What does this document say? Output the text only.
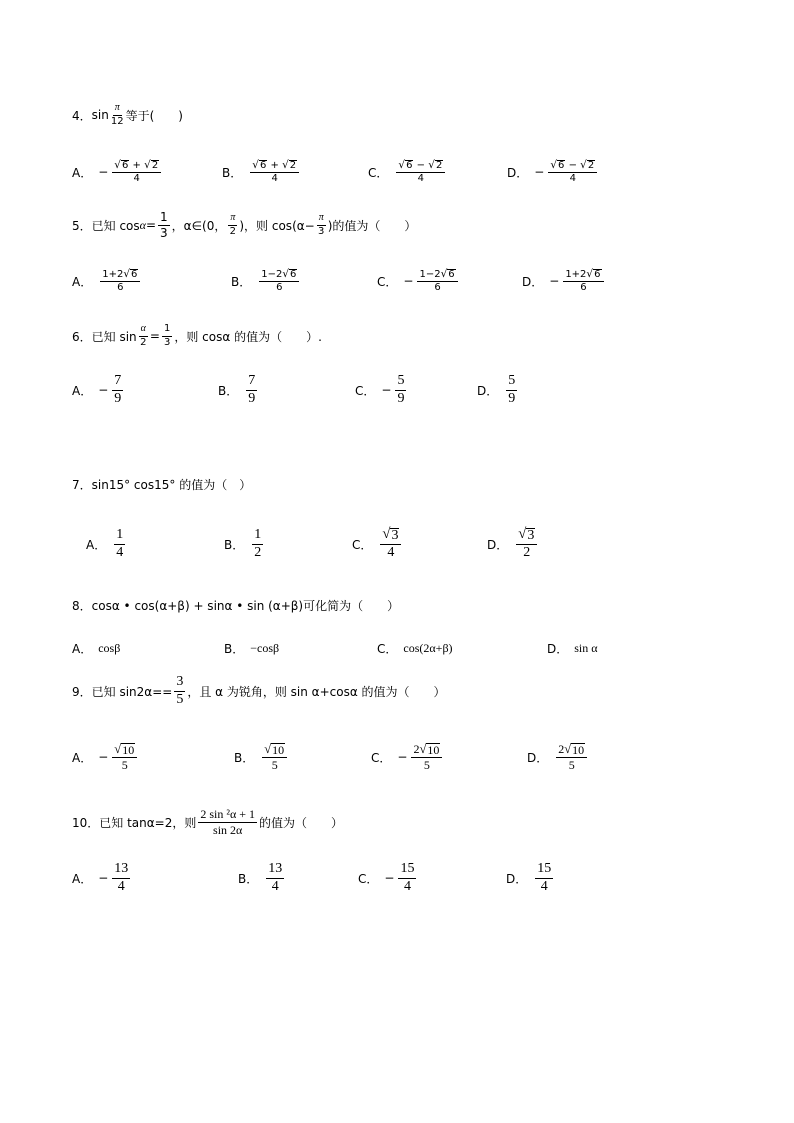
4． $\sin \frac{\pi}{12}$ 等于(　　)
A． − $\frac{√ 6 + √ 2}{4}$	B． $\frac{√ 6 + √ 2}{4}$	C． $\frac{√ 6 - √ 2}{4}$	D． − $\frac{√ 6 - √ 2}{4}$
5． 已知 $\cos \alpha = \frac{1}{3}$ ，α∈(0， $\frac{\pi}{2}$ )，则 $\cos(\alpha- \frac{\pi}{3}$ )的值为（　　）
A． $\frac{1+2 √ 6}{6}$	B． $\frac{1-2 √ 6}{6}$	C． − $\frac{1-2 √ 6}{6}$	D． − $\frac{1+2 √ 6}{6}$
6． 已知 $\sin \frac{\alpha}{2} = \frac{1}{3}$ ，则 cosα 的值为（　　）.
A． − $\frac{7}{9}$	B． $\frac{7}{9}$	C． − $\frac{5}{9}$	D． $\frac{5}{9}$
7． sin15° cos15° 的值为（　）
A． $\frac{1}{4}$	B． $\frac{1}{2}$	C． $\frac{√ 3}{4}$	D． $\frac{√ 3}{2}$
8． cosα • cos(α+β) + sinα • sin (α+β)可化简为（　　）
A． cosβ	B． −cosβ	C． cos(2α+β)	D． sin α
9． 已知 $\sin 2\alpha== \frac{3}{5}$ ，且 α 为锐角，则 sin α+cosα 的值为（　　）
A． − $\frac{√ 10}{5}$	B． $\frac{√ 10}{5}$	C． − $\frac{2 √ 10}{5}$	D． $\frac{2 √ 10}{5}$
10． 已知 tanα=2，则 $\frac{\text{2 sin ²α + 1}}{\sin 2\alpha}$ 的值为（　　）
A． − $\frac{13}{4}$	B． $\frac{13}{4}$	C． − $\frac{15}{4}$	D． $\frac{15}{4}$
